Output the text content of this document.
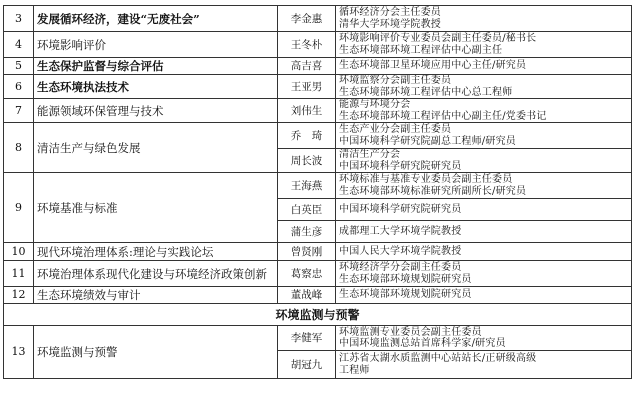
3	发展循环经济，建设“无废社会”	李金惠	循环经济分会主任委员
清华大学环境学院教授

4	环境影响评价	王冬朴	环境影响评价专业委员会副主任委员/秘书长
生态环境部环境工程评估中心副主任

5	生态保护监督与综合评估	高吉喜	生态环境部卫星环境应用中心主任/研究员

6	生态环境执法技术	王亚男	环境监察分会副主任委员
生态环境部环境工程评估中心总工程师

7	能源领域环保管理与技术	刘伟生	能源与环境分会
生态环境部环境工程评估中心副主任/党委书记

8	清洁生产与绿色发展	乔　琦	生态产业分会副主任委员
中国环境科学研究院副总工程师/研究员

		周长波	清洁生产分会
中国环境科学研究院研究员

9	环境基准与标准	王海燕	环境标准与基准专业委员会副主任委员
生态环境部环境标准研究所副所长/研究员

		白英臣	中国环境科学研究院研究员

		蒲生彦	成都理工大学环境学院教授

10	现代环境治理体系:理论与实践论坛	曾贤刚	中国人民大学环境学院教授

11	环境治理体系现代化建设与环境经济政策创新	葛察忠	环境经济学分会副主任委员
生态环境部环境规划院研究员

12	生态环境绩效与审计	董战峰	生态环境部环境规划院研究员

环境监测与预警			
13	环境监测与预警	李健军	环境监测专业委员会副主任委员
中国环境监测总站首席科学家/研究员

		胡冠九	江苏省太湖水质监测中心站站长/正研级高级
工程师
